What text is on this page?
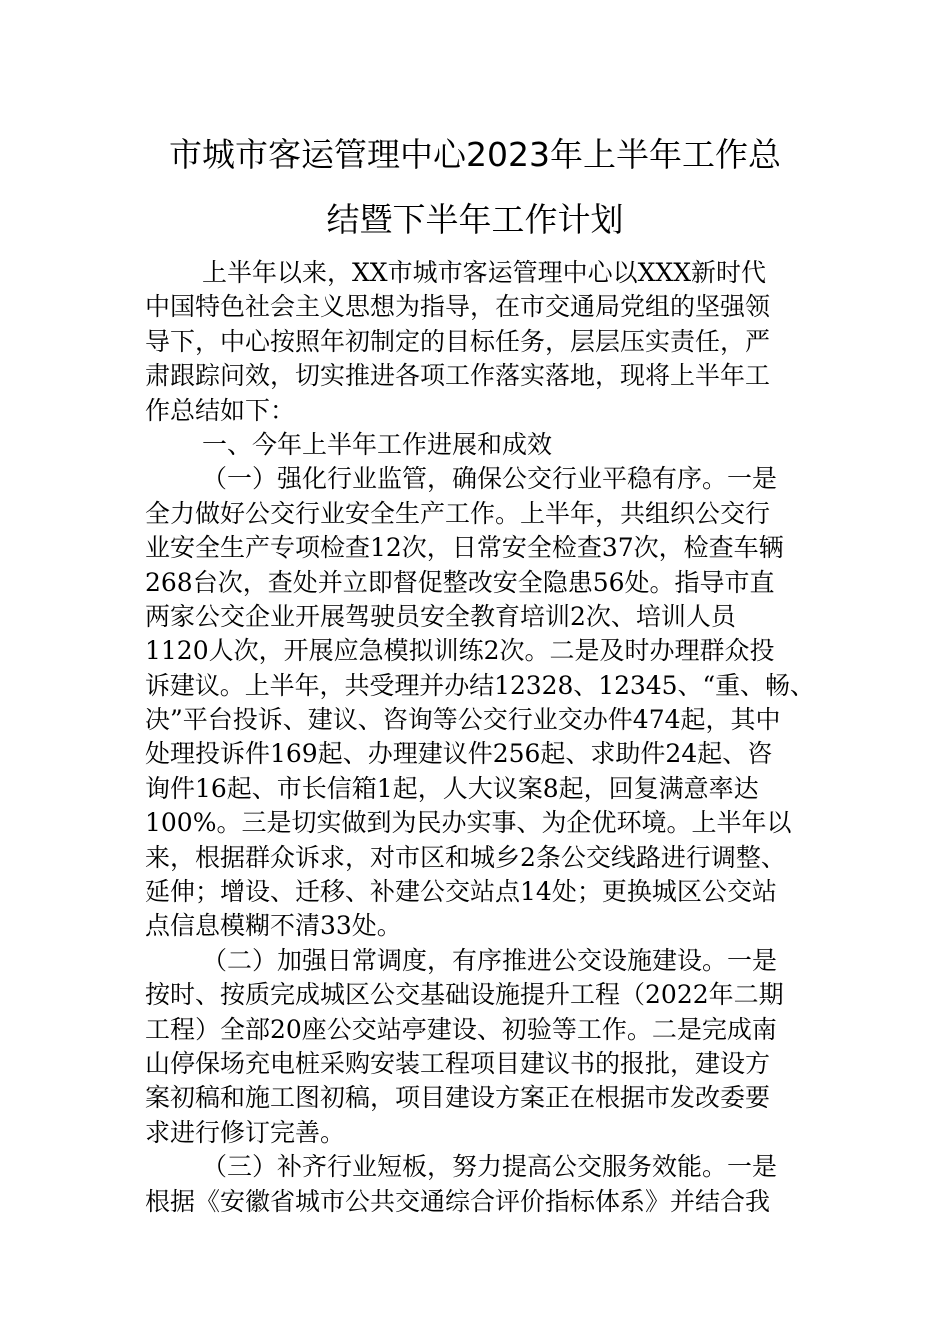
市城市客运管理中心2023年上半年工作总
结暨下半年工作计划
上半年以来，XX市城市客运管理中心以XXX新时代
中国特色社会主义思想为指导，在市交通局党组的坚强领
导下，中心按照年初制定的目标任务，层层压实责任，严
肃跟踪问效，切实推进各项工作落实落地，现将上半年工
作总结如下：
一、今年上半年工作进展和成效
（一）强化行业监管，确保公交行业平稳有序。一是
全力做好公交行业安全生产工作。上半年，共组织公交行
业安全生产专项检查12次，日常安全检查37次，检查车辆
268台次，查处并立即督促整改安全隐患56处。指导市直
两家公交企业开展驾驶员安全教育培训2次、培训人员
1120人次，开展应急模拟训练2次。二是及时办理群众投
诉建议。上半年，共受理并办结12328、12345、“重、畅、
决”平台投诉、建议、咨询等公交行业交办件474起，其中
处理投诉件169起、办理建议件256起、求助件24起、咨
询件16起、市长信箱1起，人大议案8起，回复满意率达
100%。三是切实做到为民办实事、为企优环境。上半年以
来，根据群众诉求，对市区和城乡2条公交线路进行调整、
延伸；增设、迁移、补建公交站点14处；更换城区公交站
点信息模糊不清33处。
（二）加强日常调度，有序推进公交设施建设。一是
按时、按质完成城区公交基础设施提升工程（2022年二期
工程）全部20座公交站亭建设、初验等工作。二是完成南
山停保场充电桩采购安装工程项目建议书的报批，建设方
案初稿和施工图初稿，项目建设方案正在根据市发改委要
求进行修订完善。
（三）补齐行业短板，努力提高公交服务效能。一是
根据《安徽省城市公共交通综合评价指标体系》并结合我
